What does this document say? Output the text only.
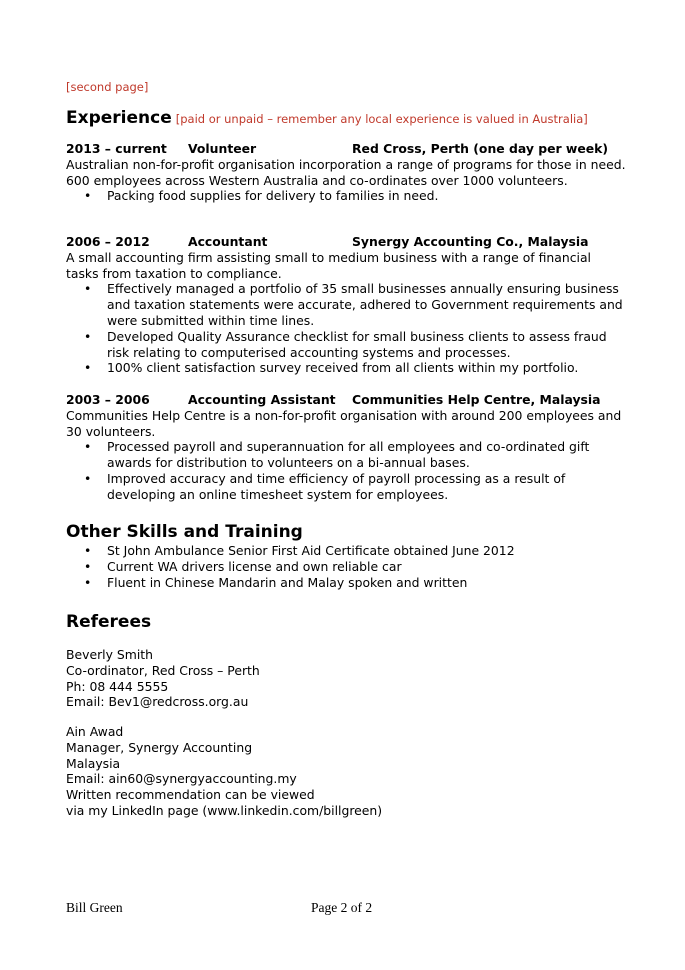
[second page]
Experience [paid or unpaid – remember any local experience is valued in Australia]
2013 – current	Volunteer	Red Cross, Perth (one day per week)

Australian non-for-profit organisation incorporation a range of programs for those in need. 600 employees across Western Australia and co-ordinates over 1000 volunteers.

• Packing food supplies for delivery to families in need.
2006 – 2012	Accountant	Synergy Accounting Co., Malaysia

A small accounting firm assisting small to medium business with a range of financial tasks from taxation to compliance.

• Effectively managed a portfolio of 35 small businesses annually ensuring business and taxation statements were accurate, adhered to Government requirements and were submitted within time lines.
• Developed Quality Assurance checklist for small business clients to assess fraud risk relating to computerised accounting systems and processes.
• 100% client satisfaction survey received from all clients within my portfolio.
2003 – 2006	Accounting Assistant	Communities Help Centre, Malaysia

Communities Help Centre is a non-for-profit organisation with around 200 employees and 30 volunteers.

• Processed payroll and superannuation for all employees and co-ordinated gift awards for distribution to volunteers on a bi-annual bases.
• Improved accuracy and time efficiency of payroll processing as a result of developing an online timesheet system for employees.
Other Skills and Training
• St John Ambulance Senior First Aid Certificate obtained June 2012
• Current WA drivers license and own reliable car
• Fluent in Chinese Mandarin and Malay spoken and written
Referees
Beverly Smith
Co-ordinator, Red Cross – Perth
Ph: 08 444 5555
Email: Bev1@redcross.org.au
Ain Awad
Manager, Synergy Accounting
Malaysia
Email: ain60@synergyaccounting.my
Written recommendation can be viewed
via my LinkedIn page (www.linkedin.com/billgreen)
Bill Green	Page 2 of 2
